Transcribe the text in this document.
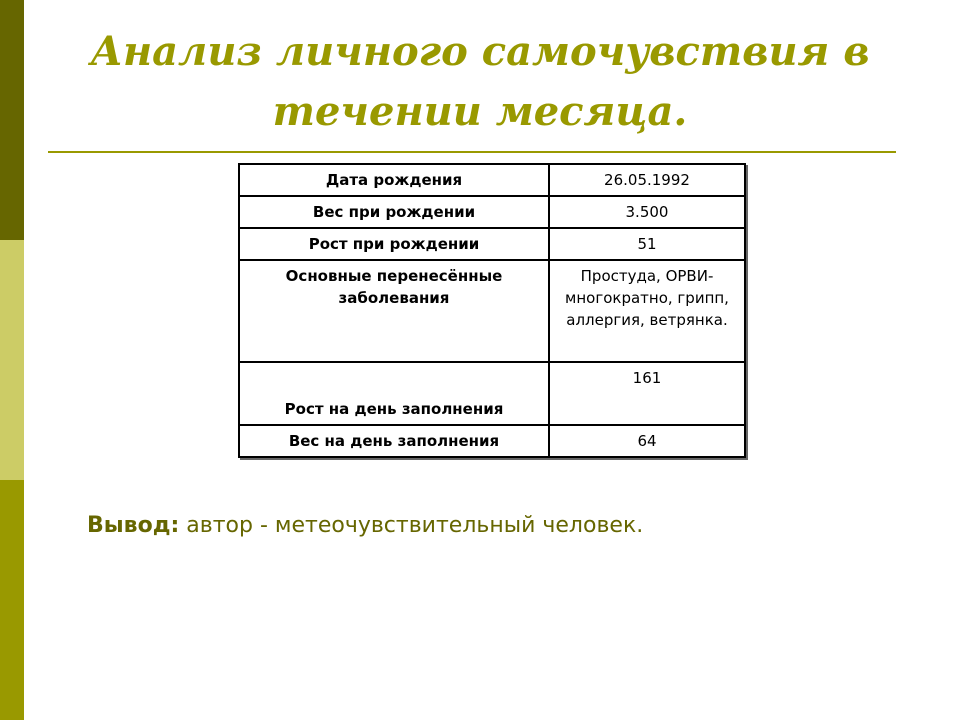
Анализ личного самочувствия в течении месяца.
Дата рождения	26.05.1992
Вес при рождении	3.500
Рост при рождении	51
Основные перенесённые заболевания	Простуда, ОРВИ-многократно, грипп, аллергия, ветрянка.
Рост на день заполнения	161
Вес на день заполнения	64
Вывод: автор - метеочувствительный человек.
